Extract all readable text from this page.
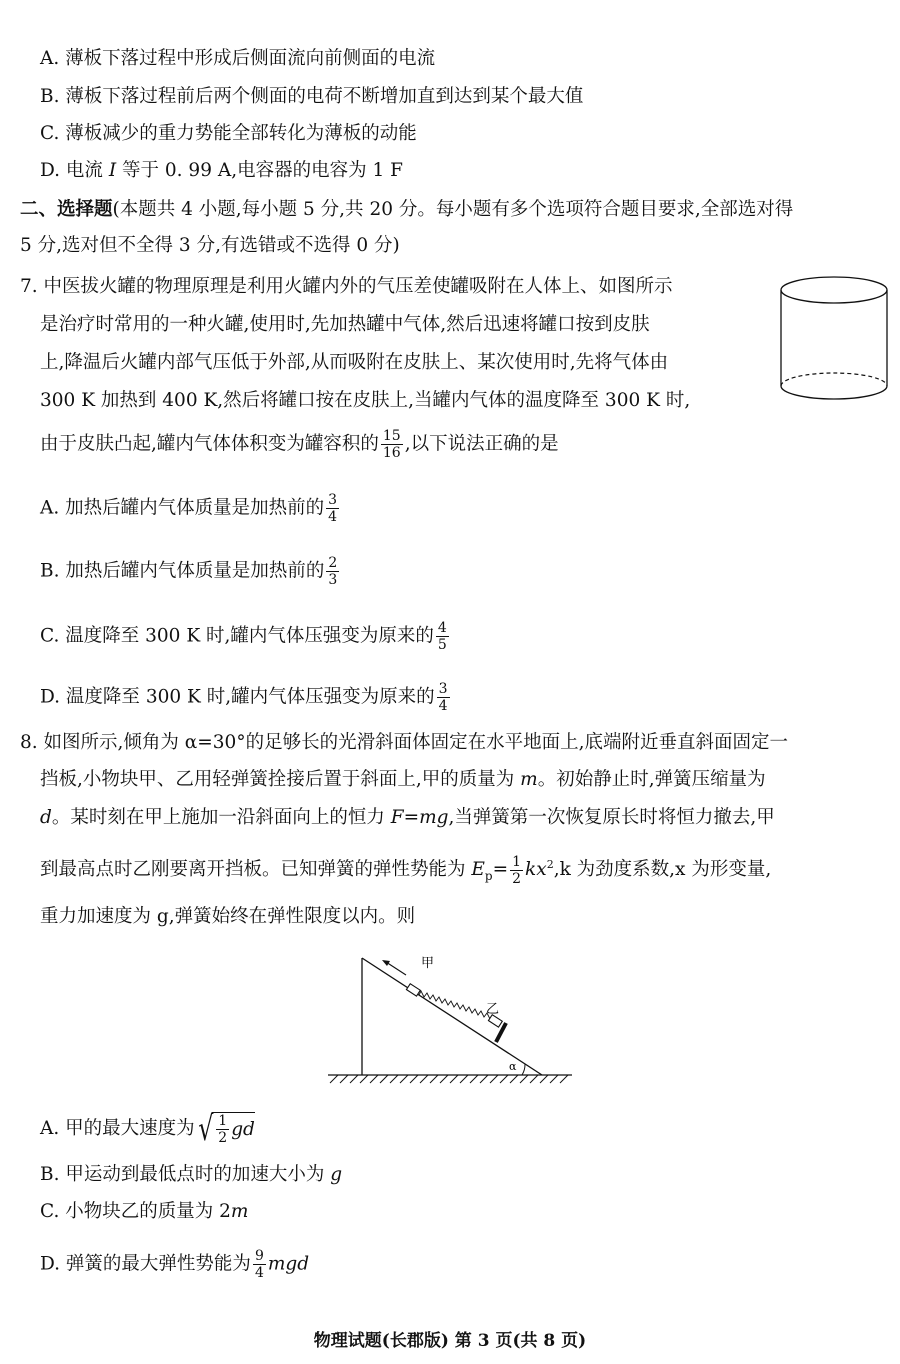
A. 薄板下落过程中形成后侧面流向前侧面的电流
B. 薄板下落过程前后两个侧面的电荷不断增加直到达到某个最大值
C. 薄板减少的重力势能全部转化为薄板的动能
D. 电流 I 等于 0. 99 A,电容器的电容为 1 F
二、选择题(本题共 4 小题,每小题 5 分,共 20 分。每小题有多个选项符合题目要求,全部选对得
5 分,选对但不全得 3 分,有选错或不选得 0 分)
7. 中医拔火罐的物理原理是利用火罐内外的气压差使罐吸附在人体上、如图所示
是治疗时常用的一种火罐,使用时,先加热罐中气体,然后迅速将罐口按到皮肤
上,降温后火罐内部气压低于外部,从而吸附在皮肤上、某次使用时,先将气体由
300 K 加热到 400 K,然后将罐口按在皮肤上,当罐内气体的温度降至 300 K 时,
由于皮肤凸起,罐内气体体积变为罐容积的 $\frac{15}{16}$ ,以下说法正确的是
A. 加热后罐内气体质量是加热前的 $\frac{3}{4}$
B. 加热后罐内气体质量是加热前的 $\frac{2}{3}$
C. 温度降至 300 K 时,罐内气体压强变为原来的 $\frac{4}{5}$
D. 温度降至 300 K 时,罐内气体压强变为原来的 $\frac{3}{4}$
8. 如图所示,倾角为 α=30°的足够长的光滑斜面体固定在水平地面上,底端附近垂直斜面固定一
挡板,小物块甲、乙用轻弹簧拴接后置于斜面上,甲的质量为 m。初始静止时,弹簧压缩量为
d。某时刻在甲上施加一沿斜面向上的恒力 F=mg,当弹簧第一次恢复原长时将恒力撤去,甲
到最高点时乙刚要离开挡板。已知弹簧的弹性势能为 $E_p= \frac{1}{2} kx^2,k$ 为劲度系数,x 为形变量,
重力加速度为 g,弹簧始终在弹性限度以内。则
α
甲
乙
A. 甲的最大速度为 √ $\frac{1}{2}$ gd
B. 甲运动到最低点时的加速大小为 g
C. 小物块乙的质量为 2m
D. 弹簧的最大弹性势能为 $\frac{9}{4}$ mgd
物理试题(长郡版) 第 3 页(共 8 页)
